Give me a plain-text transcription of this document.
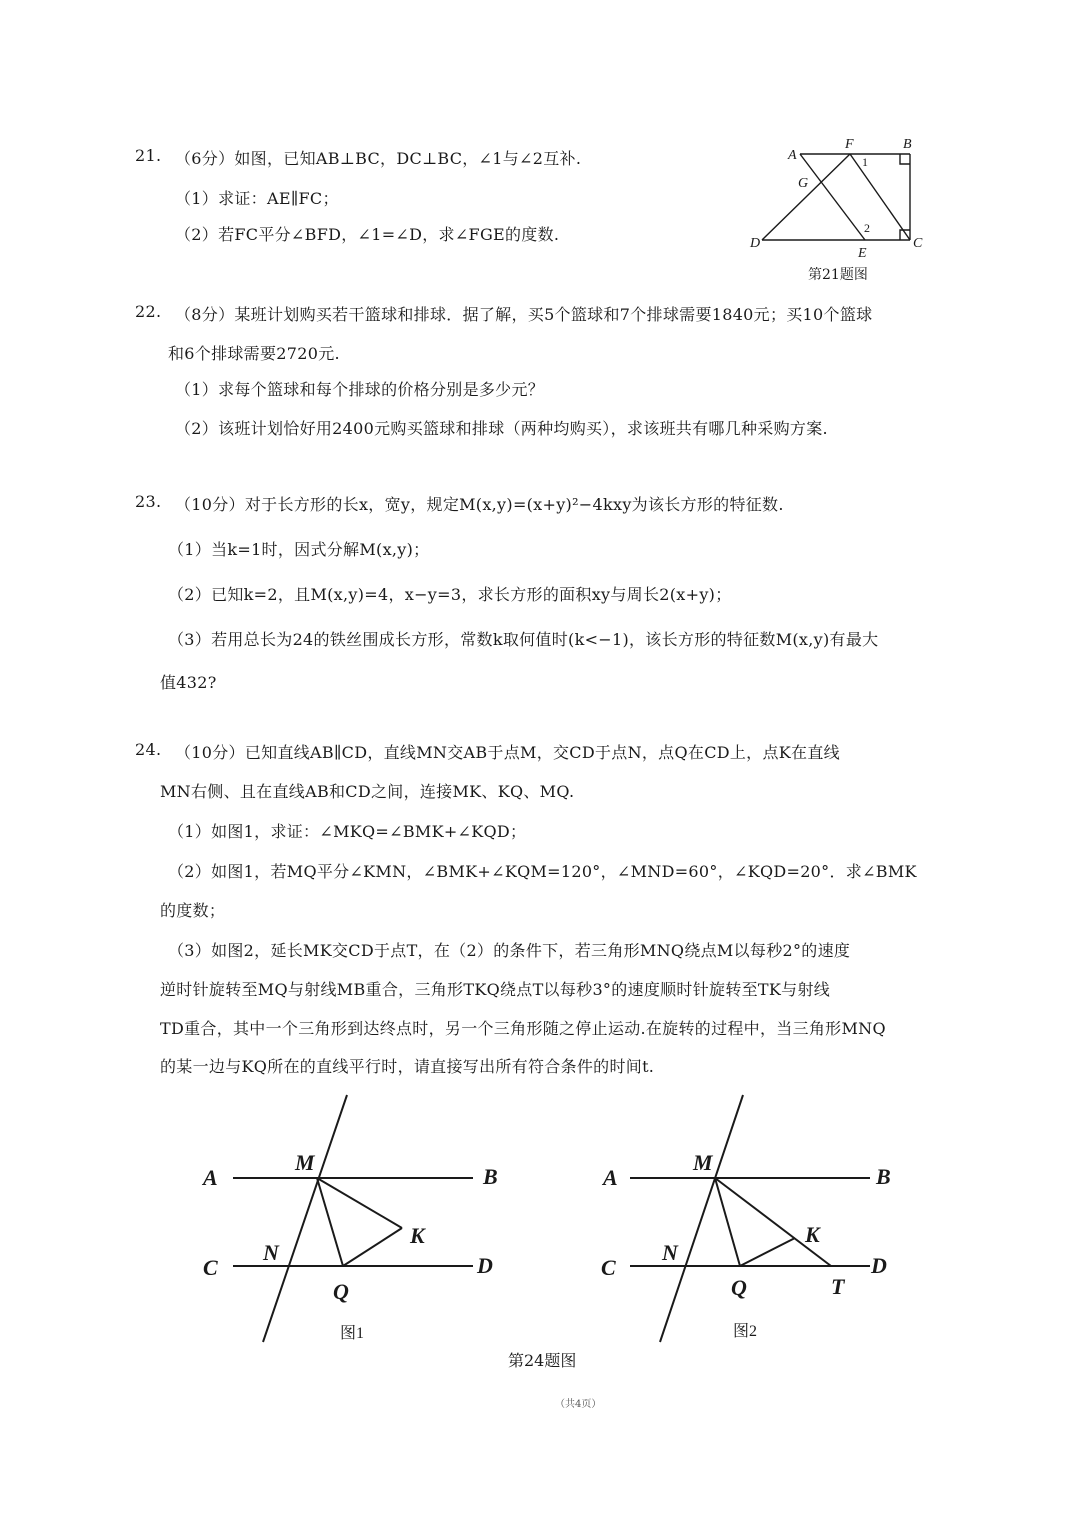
21. （6分）如图，已知AB⊥BC，DC⊥BC，∠1与∠2互补.
（1）求证：AE∥FC；
（2）若FC平分∠BFD，∠1=∠D，求∠FGE的度数.
A
F	B
G
D
E
C
1
2
第21题图
22. （8分）某班计划购买若干篮球和排球．据了解，买5个篮球和7个排球需要1840元；买10个篮球
和6个排球需要2720元.
（1）求每个篮球和每个排球的价格分别是多少元？
（2）该班计划恰好用2400元购买篮球和排球（两种均购买），求该班共有哪几种采购方案.
23. （10分）对于长方形的长x，宽y，规定M(x,y)=(x+y)²−4kxy为该长方形的特征数.
（1）当k=1时，因式分解M(x,y)；
（2）已知k=2，且M(x,y)=4，x−y=3，求长方形的面积xy与周长2(x+y)；
（3）若用总长为24的铁丝围成长方形，常数k取何值时(k<−1)，该长方形的特征数M(x,y)有最大
值432?
24. （10分）已知直线AB∥CD，直线MN交AB于点M，交CD于点N，点Q在CD上，点K在直线
MN右侧、且在直线AB和CD之间，连接MK、KQ、MQ.
（1）如图1，求证：∠MKQ=∠BMK+∠KQD；
（2）如图1，若MQ平分∠KMN，∠BMK+∠KQM=120°，∠MND=60°，∠KQD=20°．求∠BMK
的度数；
（3）如图2，延长MK交CD于点T，在（2）的条件下，若三角形MNQ绕点M以每秒2°的速度
逆时针旋转至MQ与射线MB重合，三角形TKQ绕点T以每秒3°的速度顺时针旋转至TK与射线
TD重合，其中一个三角形到达终点时，另一个三角形随之停止运动.在旋转的过程中，当三角形MNQ
的某一边与KQ所在的直线平行时，请直接写出所有符合条件的时间t.
A	B
M
K
C
N
D
Q
图1
A	B
M
K
C
N
D
Q	T
图2
第24题图
（共4页）
